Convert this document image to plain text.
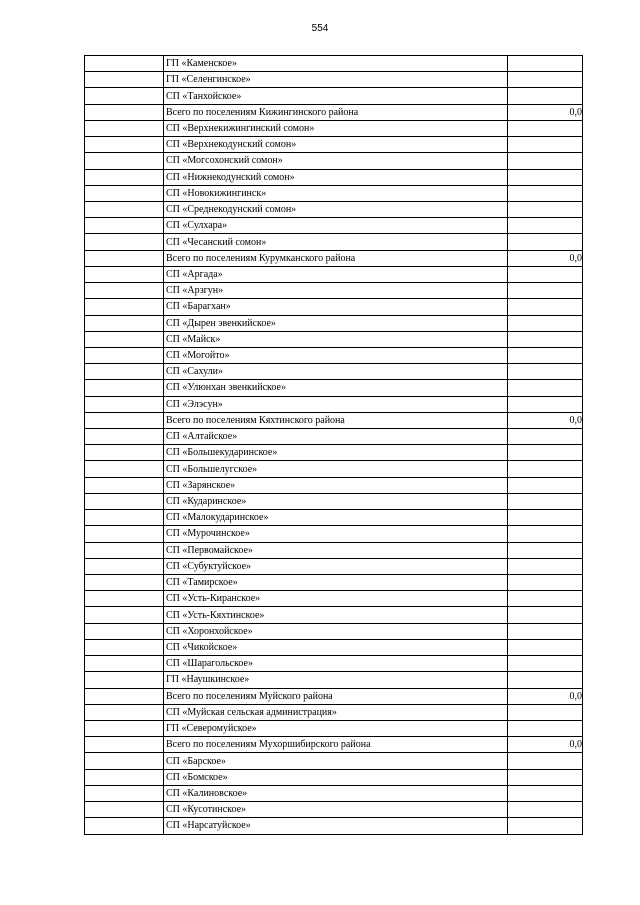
554
	ГП «Каменское»	
	ГП «Селенгинское»	
	СП «Танхойское»	
	Всего по поселениям Кижингинского района	0,0
	СП «Верхнекижингинский сомон»	
	СП «Верхнекодунский сомон»	
	СП «Могсохонский сомон»	
	СП «Нижнекодунский сомон»	
	СП «Новокижингинск»	
	СП «Среднекодунский сомон»	
	СП «Сулхара»	
	СП «Чесанский сомон»	
	Всего по поселениям Курумканского района	0,0
	СП «Аргада»	
	СП «Арзгун»	
	СП «Барагхан»	
	СП «Дырен эвенкийское»	
	СП «Майск»	
	СП «Могойто»	
	СП «Сахули»	
	СП «Улюнхан эвенкийское»	
	СП «Элэсун»	
	Всего по поселениям Кяхтинского района	0,0
	СП «Алтайское»	
	СП «Большекударинское»	
	СП «Большелугское»	
	СП «Зарянское»	
	СП «Кударинское»	
	СП «Малокударинское»	
	СП «Мурочинское»	
	СП «Первомайское»	
	СП «Субуктуйское»	
	СП «Тамирское»	
	СП «Усть-Киранское»	
	СП «Усть-Кяхтинское»	
	СП «Хоронхойское»	
	СП «Чикойское»	
	СП «Шарагольское»	
	ГП «Наушкинское»	
	Всего по поселениям Муйского района	0,0
	СП «Муйская сельская администрация»	
	ГП «Северомуйское»	
	Всего по поселениям Мухоршибирского района	0,0
	СП «Барское»	
	СП «Бомское»	
	СП «Калиновское»	
	СП «Кусотинское»	
	СП «Нарсатуйское»	
